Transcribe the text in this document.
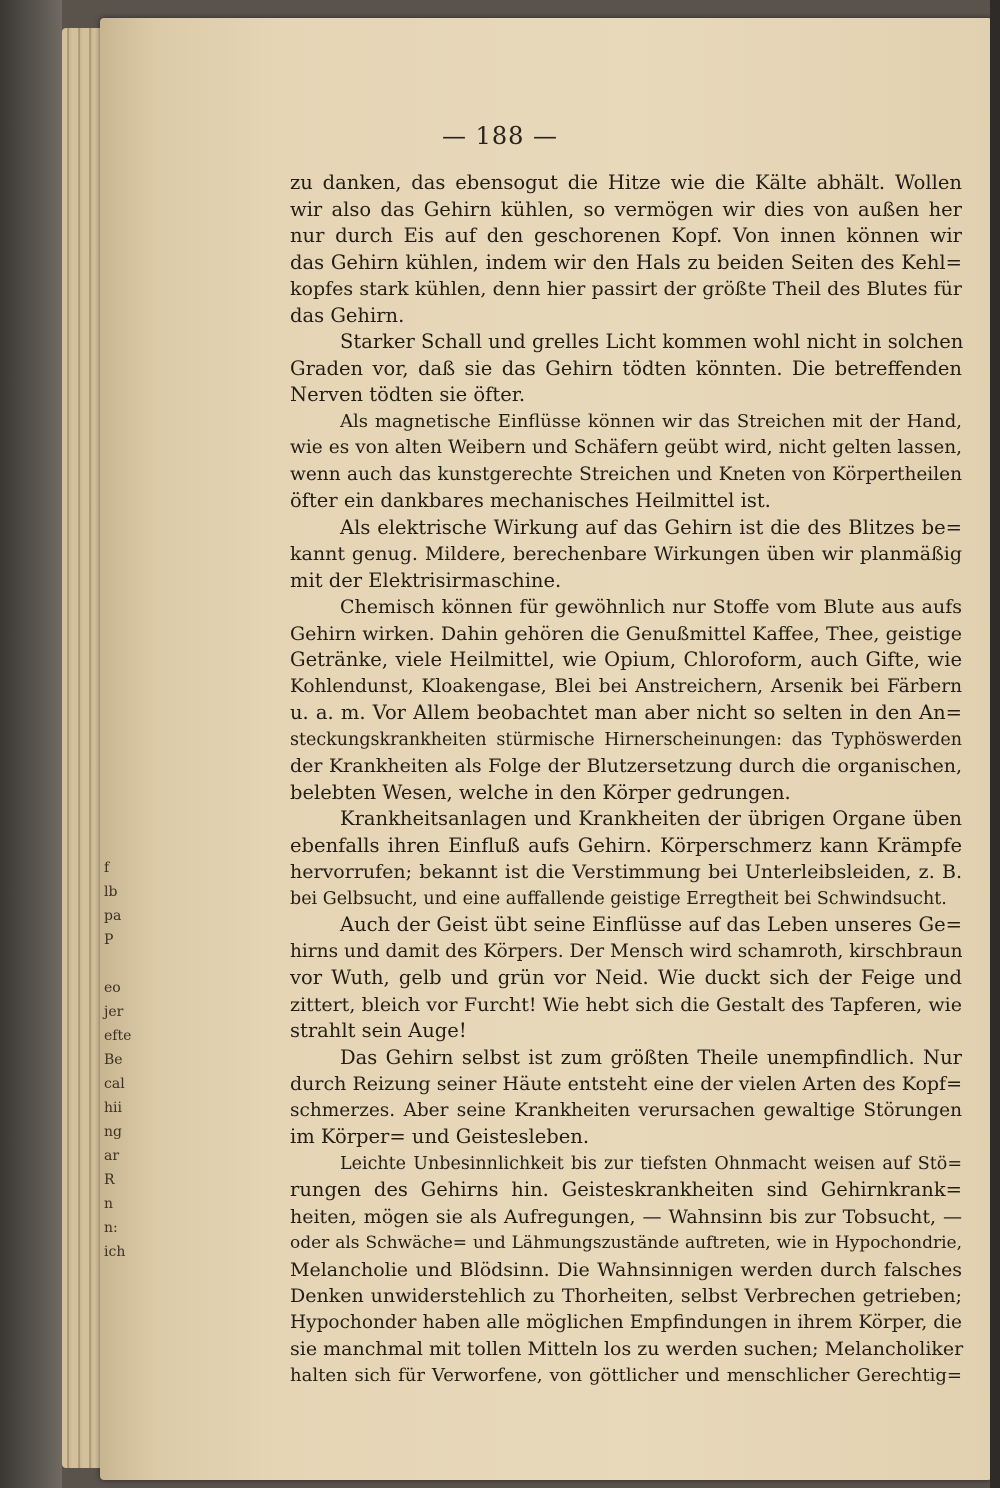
f
lb
pa
P
eo
jer
efte
Be
cal
hii
ng
ar
R
n
n:
ich
— 188 —
zu danken, das ebensogut die Hitze wie die Kälte abhält. Wollen
wir also das Gehirn kühlen, so vermögen wir dies von außen her
nur durch Eis auf den geschorenen Kopf. Von innen können wir
das Gehirn kühlen, indem wir den Hals zu beiden Seiten des Kehl=
kopfes stark kühlen, denn hier passirt der größte Theil des Blutes für
das Gehirn.
Starker Schall und grelles Licht kommen wohl nicht in solchen
Graden vor, daß sie das Gehirn tödten könnten. Die betreffenden
Nerven tödten sie öfter.
Als magnetische Einflüsse können wir das Streichen mit der Hand,
wie es von alten Weibern und Schäfern geübt wird, nicht gelten lassen,
wenn auch das kunstgerechte Streichen und Kneten von Körpertheilen
öfter ein dankbares mechanisches Heilmittel ist.
Als elektrische Wirkung auf das Gehirn ist die des Blitzes be=
kannt genug. Mildere, berechenbare Wirkungen üben wir planmäßig
mit der Elektrisirmaschine.
Chemisch können für gewöhnlich nur Stoffe vom Blute aus aufs
Gehirn wirken. Dahin gehören die Genußmittel Kaffee, Thee, geistige
Getränke, viele Heilmittel, wie Opium, Chloroform, auch Gifte, wie
Kohlendunst, Kloakengase, Blei bei Anstreichern, Arsenik bei Färbern
u. a. m. Vor Allem beobachtet man aber nicht so selten in den An=
steckungskrankheiten stürmische Hirnerscheinungen: das Typhöswerden
der Krankheiten als Folge der Blutzersetzung durch die organischen,
belebten Wesen, welche in den Körper gedrungen.
Krankheitsanlagen und Krankheiten der übrigen Organe üben
ebenfalls ihren Einfluß aufs Gehirn. Körperschmerz kann Krämpfe
hervorrufen; bekannt ist die Verstimmung bei Unterleibsleiden, z. B.
bei Gelbsucht, und eine auffallende geistige Erregtheit bei Schwindsucht.
Auch der Geist übt seine Einflüsse auf das Leben unseres Ge=
hirns und damit des Körpers. Der Mensch wird schamroth, kirschbraun
vor Wuth, gelb und grün vor Neid. Wie duckt sich der Feige und
zittert, bleich vor Furcht! Wie hebt sich die Gestalt des Tapferen, wie
strahlt sein Auge!
Das Gehirn selbst ist zum größten Theile unempfindlich. Nur
durch Reizung seiner Häute entsteht eine der vielen Arten des Kopf=
schmerzes. Aber seine Krankheiten verursachen gewaltige Störungen
im Körper= und Geistesleben.
Leichte Unbesinnlichkeit bis zur tiefsten Ohnmacht weisen auf Stö=
rungen des Gehirns hin. Geisteskrankheiten sind Gehirnkrank=
heiten, mögen sie als Aufregungen, — Wahnsinn bis zur Tobsucht, —
oder als Schwäche= und Lähmungszustände auftreten, wie in Hypochondrie,
Melancholie und Blödsinn. Die Wahnsinnigen werden durch falsches
Denken unwiderstehlich zu Thorheiten, selbst Verbrechen getrieben;
Hypochonder haben alle möglichen Empfindungen in ihrem Körper, die
sie manchmal mit tollen Mitteln los zu werden suchen; Melancholiker
halten sich für Verworfene, von göttlicher und menschlicher Gerechtig=
